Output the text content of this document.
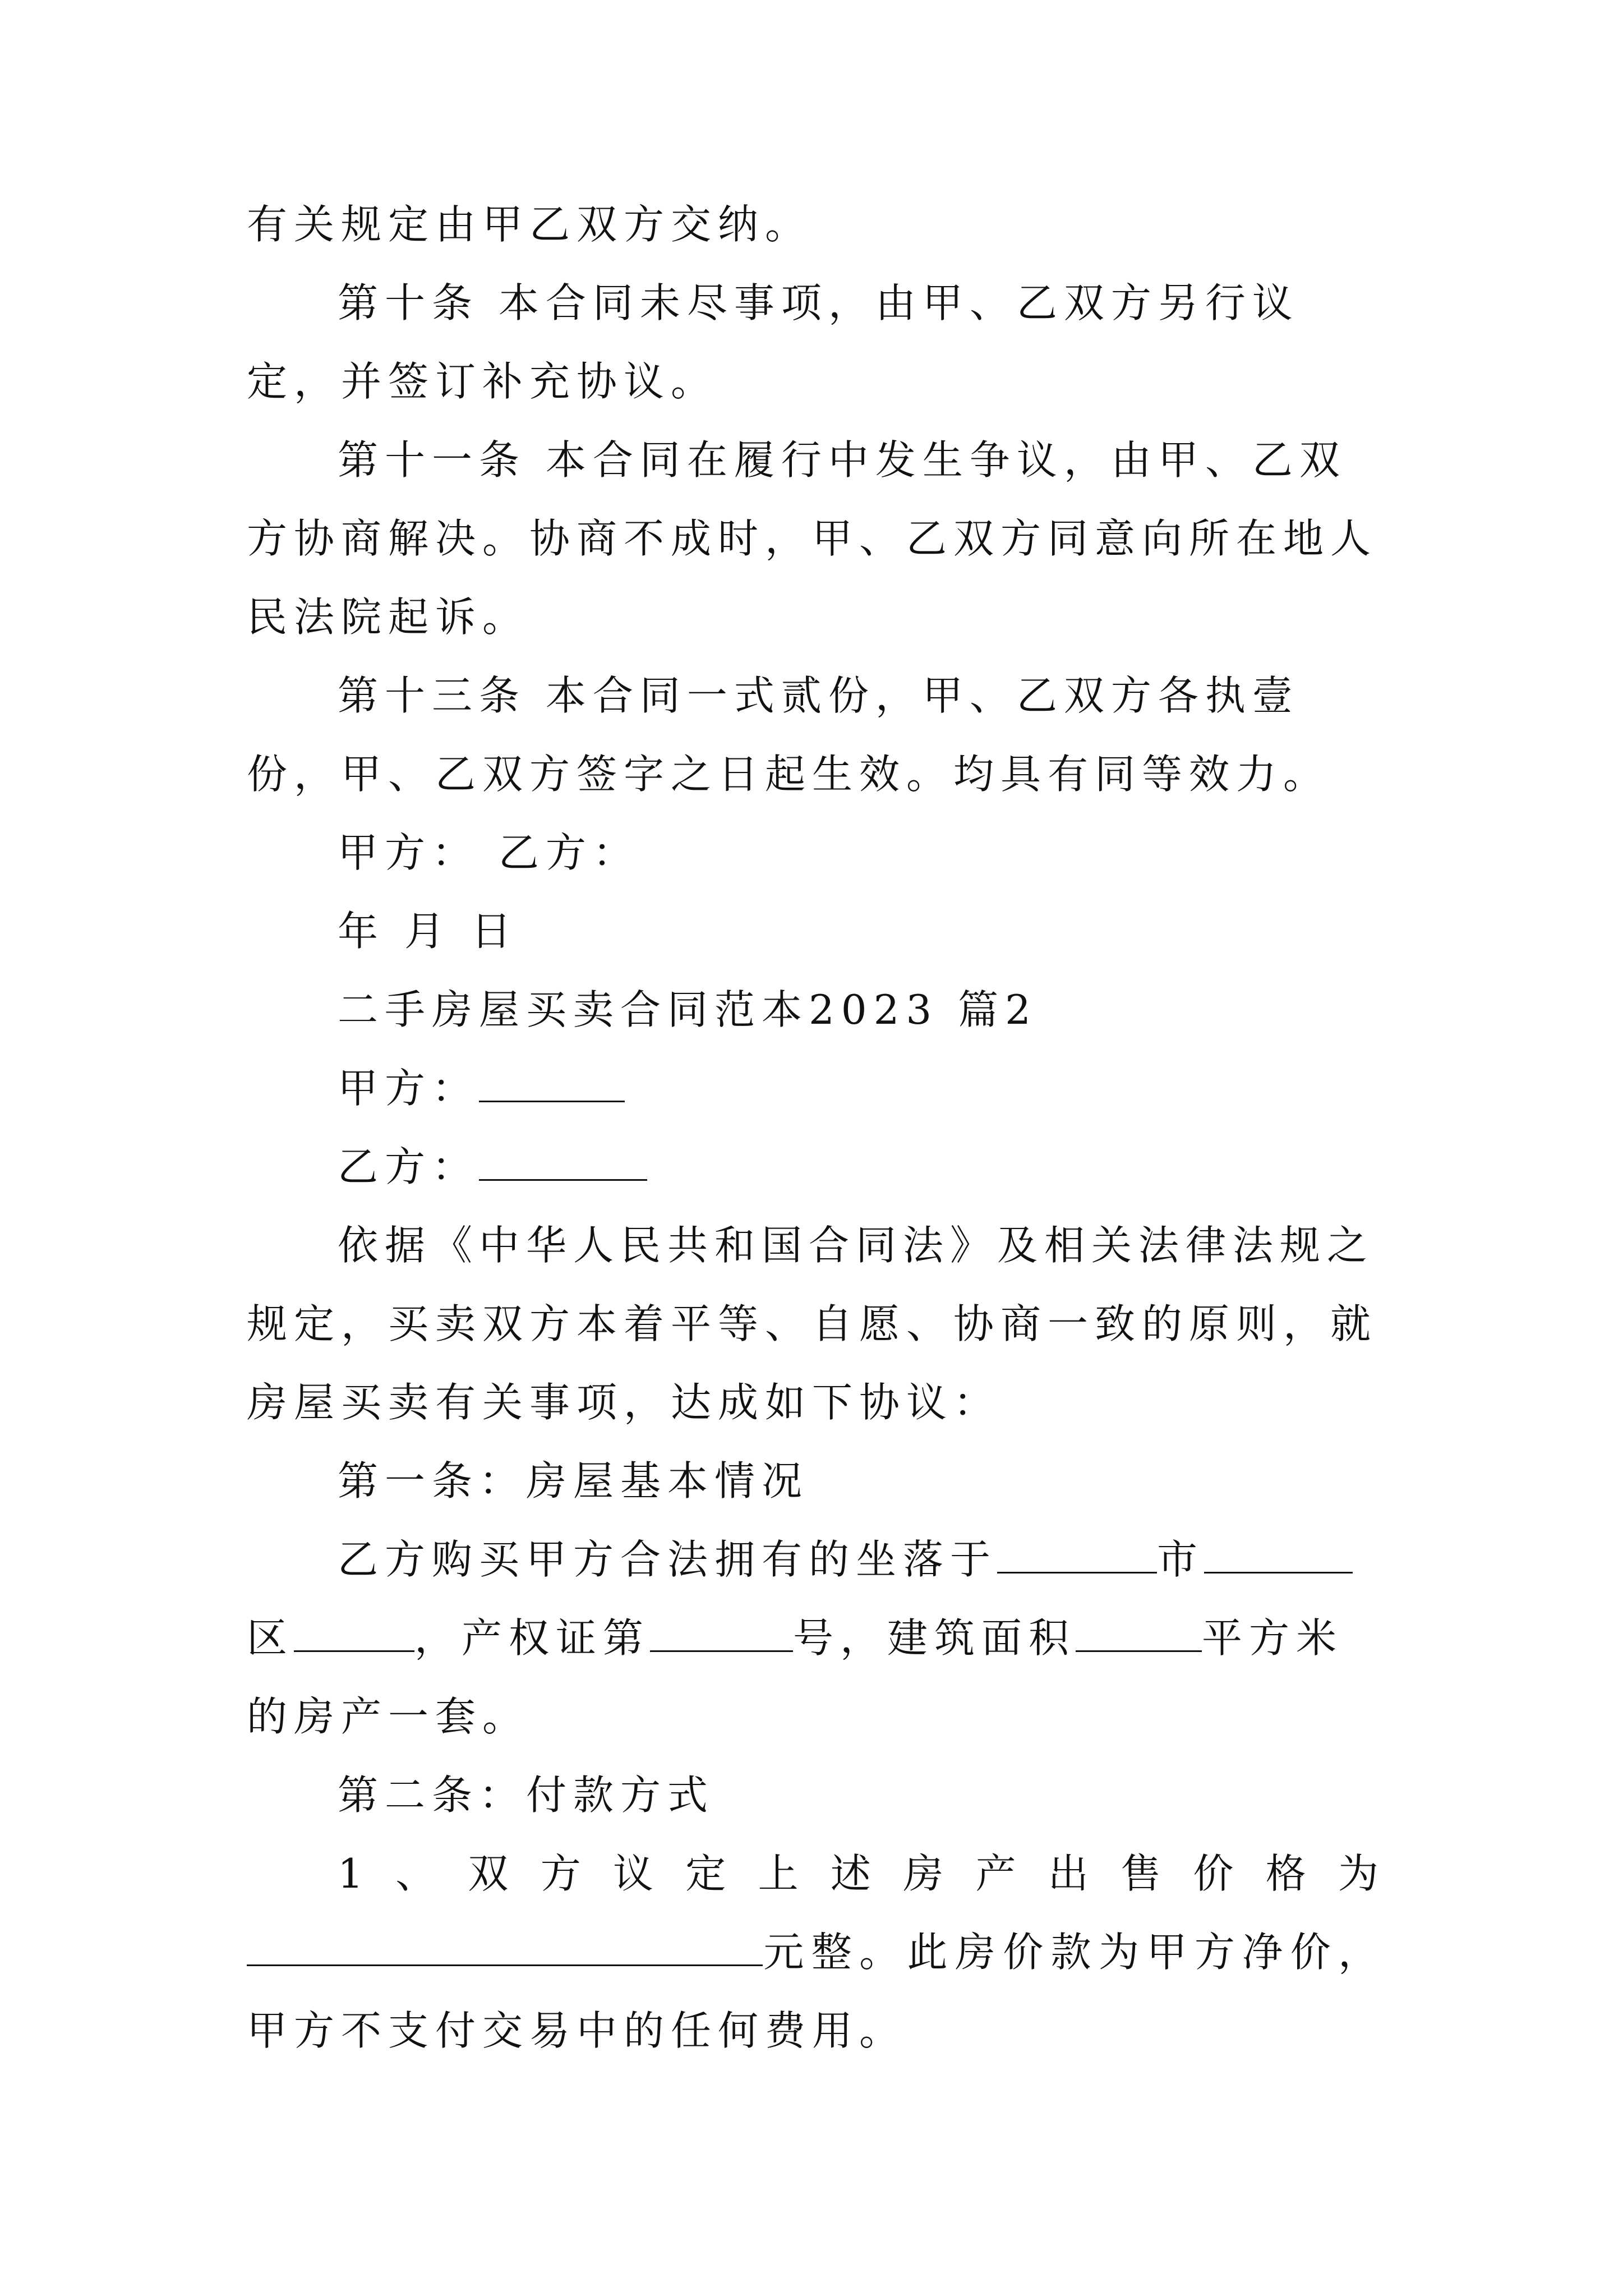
有关规定由甲乙双方交纳。

第十条 本合同未尽事项，由甲、乙双方另行议定，并签订补充协议。

第十一条 本合同在履行中发生争议，由甲、乙双方协商解决。协商不成时，甲、乙双方同意向所在地人民法院起诉。

第十三条 本合同一式贰份，甲、乙双方各执壹份，甲、乙双方签字之日起生效。均具有同等效力。

甲方： 乙方：

年 月 日

二手房屋买卖合同范本2023 篇2

甲方：

乙方：

依据《中华人民共和国合同法》及相关法律法规之规定，买卖双方本着平等、自愿、协商一致的原则，就房屋买卖有关事项，达成如下协议：

第一条：房屋基本情况

乙方购买甲方合法拥有的坐落于	市区	，产权证第	号，建筑面积	平方米的房产一套。

第二条：付款方式

1、双方议定上述房产出售价格为元整。此房价款为甲方净价，甲方不支付交易中的任何费用。
